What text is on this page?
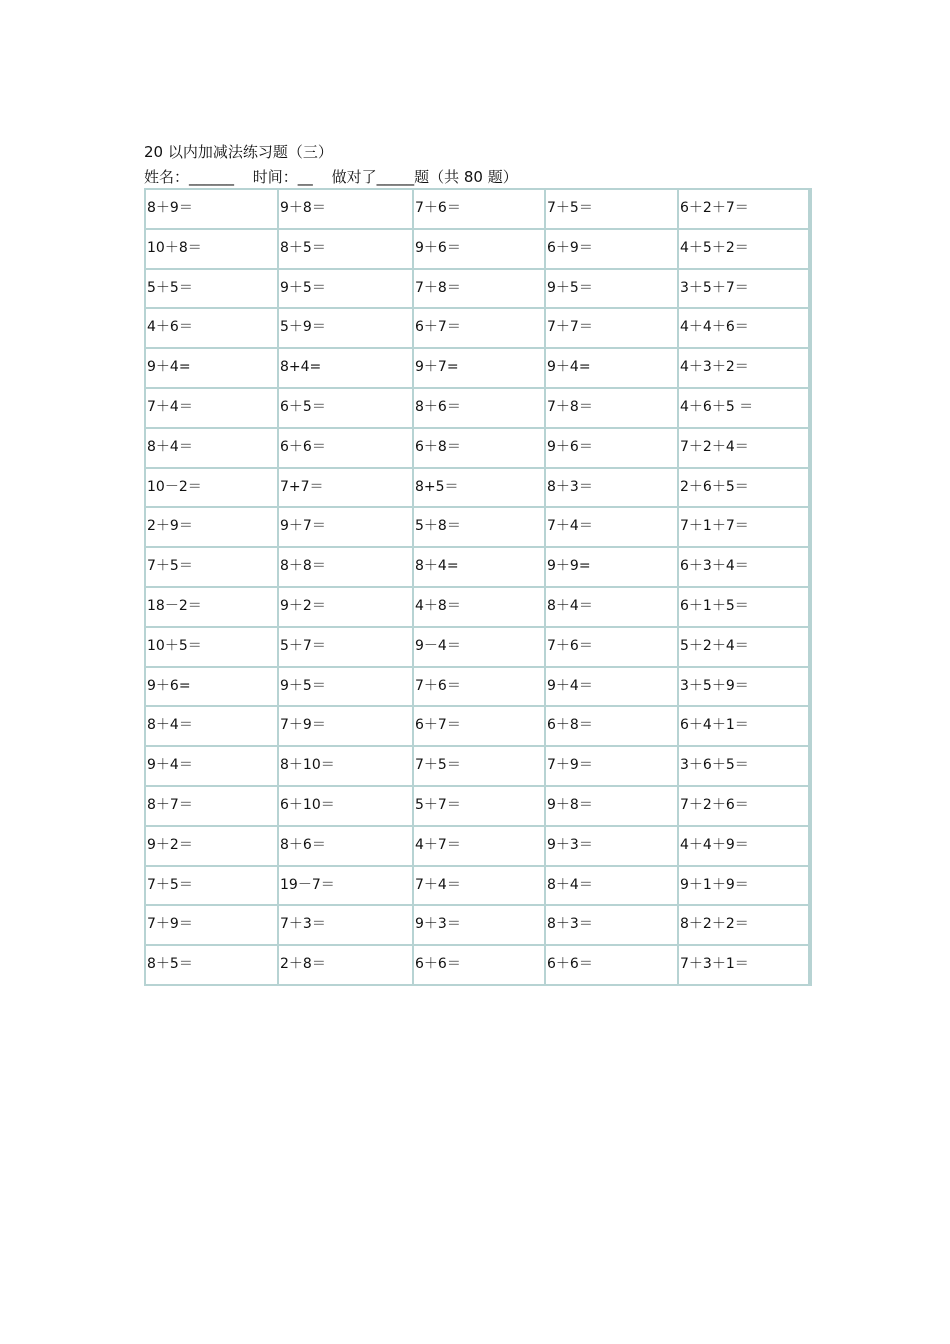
20 以内加减法练习题（三）
姓名：______ 时间：__ 做对了_____题（共 80 题）
8＋9＝	9＋8＝	7＋6＝	7＋5＝	6＋2＋7＝
10＋8＝	8＋5＝	9＋6＝	6＋9＝	4＋5＋2＝
5＋5＝	9＋5＝	7＋8＝	9＋5＝	3＋5＋7＝
4＋6＝	5＋9＝	6＋7＝	7＋7＝	4＋4＋6＝
9＋4=	8+4=	9＋7=	9＋4=	4＋3＋2＝
7＋4＝	6＋5＝	8＋6＝	7＋8＝	4＋6＋5 ＝
8＋4＝	6＋6＝	6＋8＝	9＋6＝	7＋2＋4＝
10－2＝	7+7＝	8+5＝	8＋3＝	2＋6＋5＝
2＋9＝	9＋7＝	5＋8＝	7＋4＝	7＋1＋7＝
7＋5＝	8＋8＝	8＋4=	9＋9=	6＋3＋4＝
18－2＝	9＋2＝	4＋8＝	8＋4＝	6＋1＋5＝
10＋5＝	5＋7＝	9－4＝	7＋6＝	5＋2＋4＝
9＋6=	9＋5＝	7＋6＝	9＋4＝	3＋5＋9＝
8＋4＝	7＋9＝	6＋7＝	6＋8＝	6＋4＋1＝
9＋4＝	8＋10＝	7＋5＝	7＋9＝	3＋6＋5＝
8＋7＝	6＋10＝	5＋7＝	9＋8＝	7＋2＋6＝
9＋2＝	8＋6＝	4＋7＝	9＋3＝	4＋4＋9＝
7＋5＝	19－7＝	7＋4＝	8＋4＝	9＋1＋9＝
7＋9＝	7＋3＝	9＋3＝	8＋3＝	8＋2＋2＝
8＋5＝	2＋8＝	6＋6＝	6＋6＝	7＋3＋1＝
